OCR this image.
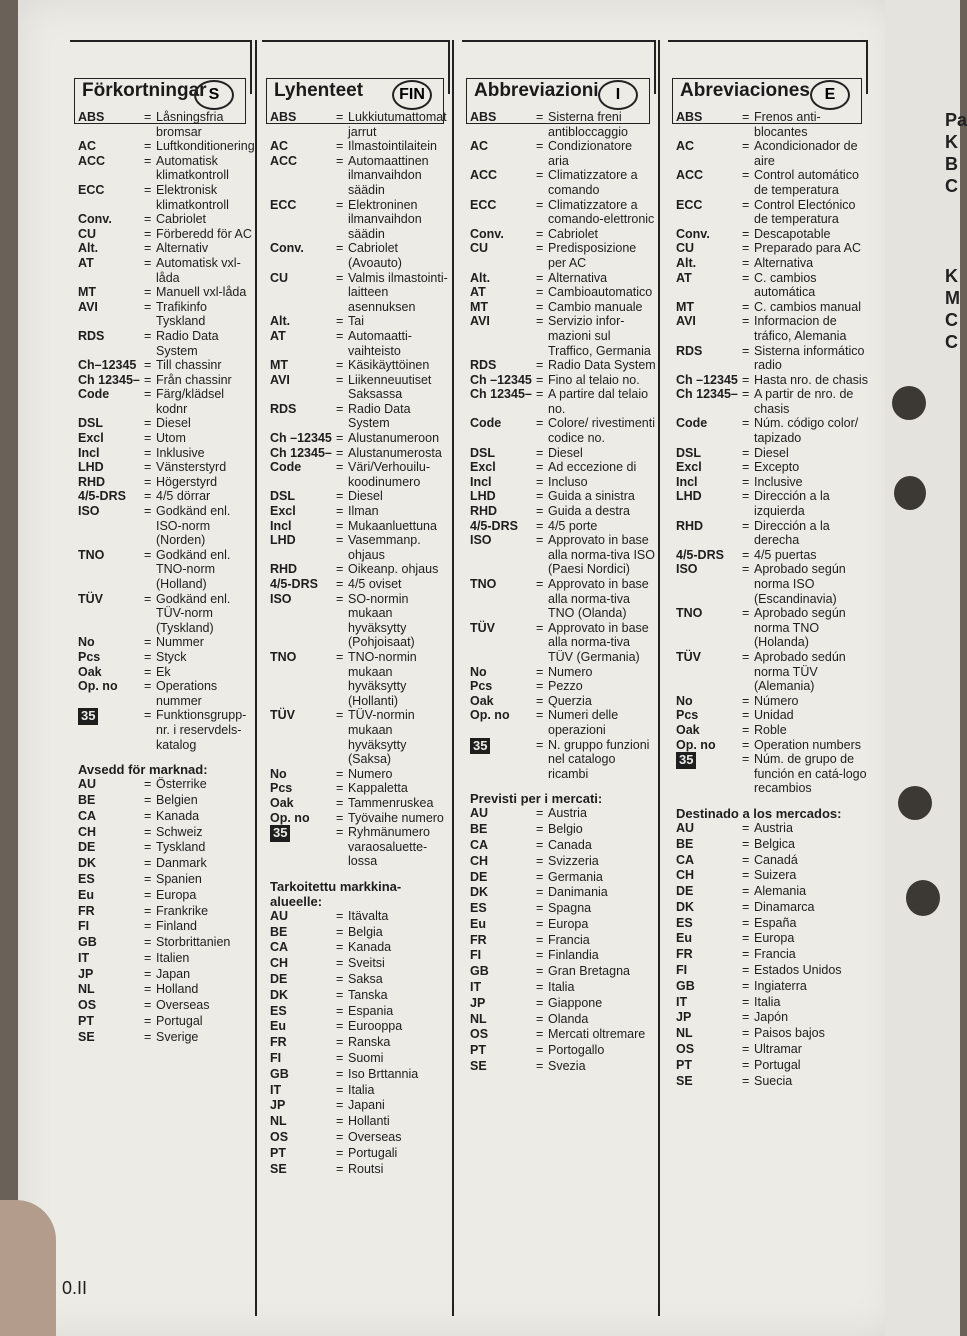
Förkortningar S
ABS	= Låsningsfria bromsar
AC	= Luftkonditionering
ACC	= Automatisk klimatkontroll
ECC	= Elektronisk klimatkontroll
Conv.	= Cabriolet
CU	= Förberedd för AC
Alt.	= Alternativ
AT	= Automatisk vxl-låda
MT	= Manuell vxl-låda
AVI	= Trafikinfo Tyskland
RDS	= Radio Data System
Ch–12345 = Till chassinr
Ch 12345– = Från chassinr
Code	= Färg/klädsel kodnr
DSL	= Diesel
Excl	= Utom
Incl	= Inklusive
LHD	= Vänsterstyrd
RHD	= Högerstyrd
4/5-DRS	= 4/5 dörrar
ISO	= Godkänd enl. ISO-norm (Norden)
TNO	= Godkänd enl. TNO-norm (Holland)
TÜV	= Godkänd enl. TÜV-norm (Tyskland)
No	= Nummer
Pcs	= Styck
Oak	= Ek
Op. no	= Operations nummer
35	= Funktionsgrupp-nr. i reservdels-katalog
Avsedd för marknad:
AU	= Österrike
BE	= Belgien
CA	= Kanada
CH	= Schweiz
DE	= Tyskland
DK	= Danmark
ES	= Spanien
Eu	= Europa
FR	= Frankrike
FI	= Finland
GB	= Storbrittanien
IT	= Italien
JP	= Japan
NL	= Holland
OS	= Overseas
PT	= Portugal
SE	= Sverige
Lyhenteet	FIN
ABS	= Lukkiutumattomat jarrut
AC	= Ilmastointilaitein
ACC	= Automaattinen ilmanvaihdon säädin
ECC	= Elektroninen ilmanvaihdon säädin
Conv.	= Cabriolet (Avoauto)
CU	= Valmis ilmastointi-laitteen asennuksen
Alt.	= Tai
AT	= Automaatti-vaihteisto
MT	= Käsikäyttöinen
AVI	= Liikenneuutiset Saksassa
RDS	= Radio Data System
Ch –12345 = Alustanumeroon
Ch 12345– = Alustanumerosta
Code	= Väri/Verhouilu-koodinumero
DSL	= Diesel
Excl	= Ilman
Incl	= Mukaanluettuna
LHD	= Vasemmanp. ohjaus
RHD	= Oikeanp. ohjaus
4/5-DRS	= 4/5 oviset
ISO	= SO-normin mukaan hyväksytty (Pohjoisaat)
TNO	= TNO-normin mukaan hyväksytty (Hollanti)
TÜV	= TÜV-normin mukaan hyväksytty (Saksa)
No	= Numero
Pcs	= Kappaletta
Oak	= Tammenruskea
Op. no	= Työvaihe numero
35	= Ryhmänumero varaosaluette-lossa
Tarkoitettu markkina-alueelle:
AU	= Itävalta
BE	= Belgia
CA	= Kanada
CH	= Sveitsi
DE	= Saksa
DK	= Tanska
ES	= Espania
Eu	= Eurooppa
FR	= Ranska
FI	= Suomi
GB	= Iso Brttannia
IT	= Italia
JP	= Japani
NL	= Hollanti
OS	= Overseas
PT	= Portugali
SE	= Routsi
Abbreviazioni	I
ABS	= Sisterna freni antibloccaggio
AC	= Condizionatore aria
ACC	= Climatizzatore a comando
ECC	= Climatizzatore a comando-elettronic
Conv.	= Cabriolet
CU	= Predisposizione per AC
Alt.	= Alternativa
AT	= Cambioautomatico
MT	= Cambio manuale
AVI	= Servizio infor-mazioni sul Traffico, Germania
RDS	= Radio Data System
Ch –12345 = Fino al telaio no.
Ch 12345– = A partire dal telaio no.
Code	= Colore/ rivestimenti codice no.
DSL	= Diesel
Excl	= Ad eccezione di
Incl	= Incluso
LHD	= Guida a sinistra
RHD	= Guida a destra
4/5-DRS	= 4/5 porte
ISO	= Approvato in base alla norma-tiva ISO (Paesi Nordici)
TNO	= Approvato in base alla norma-tiva TNO (Olanda)
TÜV	= Approvato in base alla norma-tiva TÜV (Germania)
No	= Numero
Pcs	= Pezzo
Oak	= Querzia
Op. no	= Numeri delle operazioni
35	= N. gruppo funzioni nel catalogo ricambi
Previsti per i mercati:
AU	= Austria
BE	= Belgio
CA	= Canada
CH	= Svizzeria
DE	= Germania
DK	= Danimania
ES	= Spagna
Eu	= Europa
FR	= Francia
FI	= Finlandia
GB	= Gran Bretagna
IT	= Italia
JP	= Giappone
NL	= Olanda
OS	= Mercati oltremare
PT	= Portogallo
SE	= Svezia
Abreviaciones E
ABS	= Frenos anti-blocantes
AC	= Acondicionador de aire
ACC	= Control automático de temperatura
ECC	= Control Electónico de temperatura
Conv.	= Descapotable
CU	= Preparado para AC
Alt.	= Alternativa
AT	= C. cambios automática
MT	= C. cambios manual
AVI	= Informacion de tráfico, Alemania
RDS	= Sisterna informático radio
Ch –12345 = Hasta nro. de chasis
Ch 12345– = A partir de nro. de chasis
Code	= Núm. código color/ tapizado
DSL	= Diesel
Excl	= Excepto
Incl	= Inclusive
LHD	= Dirección a la izquierda
RHD	= Dirección a la derecha
4/5-DRS	= 4/5 puertas
ISO	= Aprobado según norma ISO (Escandinavia)
TNO	= Aprobado según norma TNO (Holanda)
TÜV	= Aprobado sedún norma TÜV (Alemania)
No	= Número
Pcs	= Unidad
Oak	= Roble
Op. no	= Operation numbers
35	= Núm. de grupo de función en catá-logo recambios
Destinado a los mercados:
AU	= Austria
BE	= Belgica
CA	= Canadá
CH	= Suizera
DE	= Alemania
DK	= Dinamarca
ES	= España
Eu	= Europa
FR	= Francia
FI	= Estados Unidos
GB	= Ingiaterra
IT	= Italia
JP	= Japón
NL	= Paisos bajos
OS	= Ultramar
PT	= Portugal
SE	= Suecia
Pa
K
B
C
K
M
C
C
0.II
